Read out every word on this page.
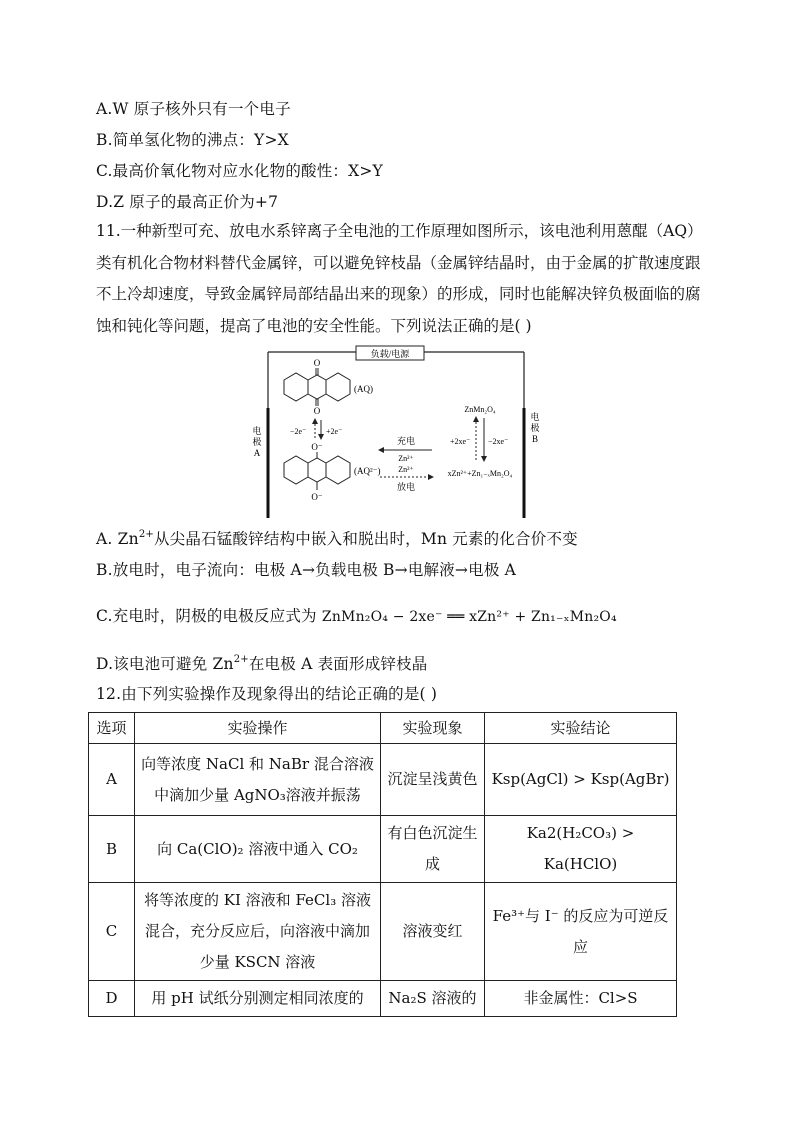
A.W 原子核外只有一个电子
B.简单氢化物的沸点：Y>X
C.最高价氧化物对应水化物的酸性：X>Y
D.Z 原子的最高正价为+7
11.一种新型可充、放电水系锌离子全电池的工作原理如图所示，该电池利用蒽醌（AQ）类有机化合物材料替代金属锌，可以避免锌枝晶（金属锌结晶时，由于金属的扩散速度跟不上冷却速度，导致金属锌局部结晶出来的现象）的形成，同时也能解决锌负极面临的腐蚀和钝化等问题，提高了电池的安全性能。下列说法正确的是( )
负载/电源
电
极
A
电
极
B
O
O
(AQ)
−2e⁻ +2e⁻
O⁻
O⁻
(AQ²⁻)
充电
Zn²⁺
Zn²⁺
放电
ZnMn₂O₄
+2xe⁻ −2xe⁻
xZn²⁺+Zn₁₋ₓMn₂O₄
A. $Zn^{2+}$从尖晶石锰酸锌结构中嵌入和脱出时，Mn 元素的化合价不变
B.放电时，电子流向：电极 A→负载电极 B→电解液→电极 A
C.充电时，阴极的电极反应式为 ZnMn₂O₄ − 2xe⁻ ══ xZn²⁺ + Zn₁₋ₓMn₂O₄
D.该电池可避免 $Zn^{2+}$在电极 A 表面形成锌枝晶
12.由下列实验操作及现象得出的结论正确的是( )
选项	实验操作	实验现象	实验结论
A	向等浓度 NaCl 和 NaBr 混合溶液中滴加少量 AgNO₃溶液并振荡	沉淀呈浅黄色	Ksp(AgCl) > Ksp(AgBr)
B	向 Ca(ClO)₂ 溶液中通入 CO₂	有白色沉淀生成	Ka2(H₂CO₃) > Ka(HClO)
C	将等浓度的 KI 溶液和 FeCl₃ 溶液混合，充分反应后，向溶液中滴加少量 KSCN 溶液	溶液变红	Fe³⁺与 I⁻ 的反应为可逆反应
D	用 pH 试纸分别测定相同浓度的	Na₂S 溶液的	非金属性：Cl>S
